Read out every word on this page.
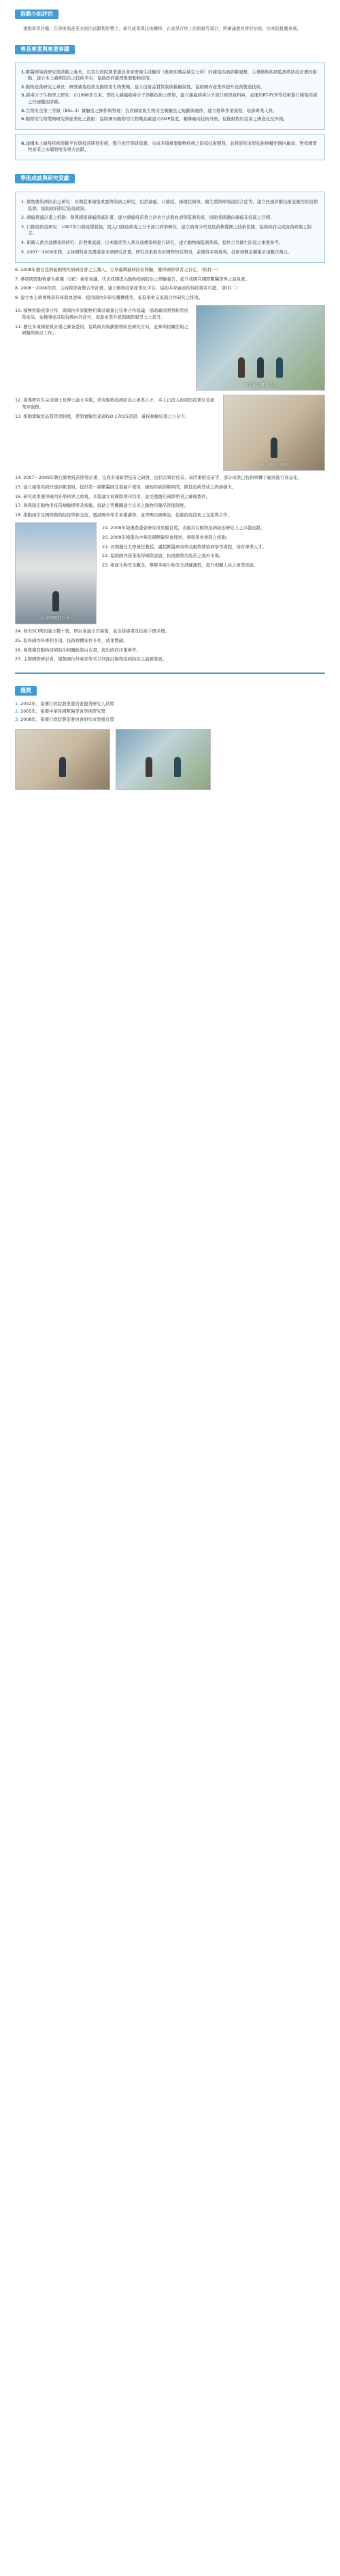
推動小組評估

重點學者評鑑：在學術與產業方面的貢獻與影響力、研究成果與技術轉移、在產學合作上的推動等項目，經審議委員會評估後，由本院推薦參選。

專長專業與專業事蹟
1.獸醫傳染病研究與診斷之專長，負責行政院農業委員會家畜衛生試驗所（動物用藥品檢定分所）的豬隻疾病診斷服務，主導動物疾病監測與防疫計畫的推動，建立本土豬病防治之技術平台，協助政府處理重要動物疫情。
2.動物疫苗研究之專長：研發豬隻疫苗及動物用生物製劑，建立疫苗品質管制與檢驗制度，協助國內產業界提升疫苗製造技術。
3.病毒分子生物學之研究：自1998年以來，即投入豬瘟病毒分子診斷技術之研發，建立豬瘟病毒分子流行病學資料庫，並運用RT-PCR等技術進行豬隻疾病之快速鑑別診斷。
4.生物安全第三等級（BSL-3）實驗室之操作與管理：負責國家級生物安全實驗室之規劃與運作，建立標準作業流程，培訓專業人員。
5.動物用生物製劑研究與產業化之推動：協助國內動物用生物藥品廠建立GMP制度，輔導廠商技術升級，促進動物用疫苗之國產化及外銷。
6.建構本土豬隻疾病診斷平台與疫苗研發系統，整合產官學研資源，完成多項重要動物疾病之防疫技術開發，並將研究成果技術移轉至國內廠商，對我國畜牧產業之永續發展有重大貢獻。
學術成就與研究貢獻
1. 動物傳染病防治之研究：長期從事豬隻重要傳染病之研究，包括豬瘟、口蹄疫、豬環狀病毒、豬生殖與呼吸道綜合症等，建立快速診斷技術並應用於疫情監測，協助政府制定防疫政策。
2. 豬瘟撲滅計畫之推動：參與國家豬瘟撲滅計畫，建立豬瘟疫苗效力評估方法與血清學監測系統，協助我國邁向豬瘟非疫區之目標。
3. 口蹄疫防疫研究：1997年口蹄疫爆發後，投入口蹄疫病毒之分子流行病學研究，建立病毒分型及疫苗株選擇之技術依據，協助政府完成疫苗政策之制定。
4. 新興人畜共通傳染病研究：針對禽流感、日本腦炎等人畜共通傳染病進行研究，建立動物端監測系統，提供公共衛生防疫之重要參考。
5. 2007－2009年間，主持國科會及農委會多項研究計畫，研究成果發表於國際知名期刊，並獲得多項專利，技術移轉金額累計達數百萬元。
6. 2008年擔任亞洲區動物疾病研討會之主講人，分享臺灣豬病防治經驗，獲得國際學者之肯定。（附件一）
7. 參與國際動物衛生組織（OIE）專家會議，代表我國提出動物疫病防治之經驗報告，提升我國在國際獸醫學界之能見度。
8. 2006－2008年間，主持跨部會整合型計畫，建立動物疫苗產業化平台，協助多家廠商取得疫苗許可證。（附件二）
9. 建立本土病毒株資料庫與血清庫，提供國內外研究機構使用，促進學術交流與合作研究之推展。
10. 積極推動產學合作，與國內多家動物用藥品廠簽訂技術合作協議，協助廠商開發新型疫苗產品，並輔導產品取得國內外許可，促進產業升級與國際競爭力之提升。
11. 擔任多項國家級計畫之審查委員，協助政府規劃動物防疫研究方向，並參與相關法規之研擬與修訂工作。
參訪研究機構合影
12. 指導研究生完成碩士及博士論文多篇，培育動物疫病防治之專業人才，多人已投入政府防疫單位及產業界服務。
13. 推動實驗室品質管理制度，帶領實驗室通過ISO 17025認證，確保檢驗結果之公信力。
研究團隊工作照
14. 2007－2009年執行動物疫苗開發計畫，完成多項新型疫苗之研發，包括次單位疫苗、基因重組疫苗等，部分成果已技術移轉予廠商進行商品化。
15. 建立豬隻疾病快速診斷套組，提供第一線獸醫師及養豬戶使用，縮短疾病診斷時間，降低疫病造成之經濟損失。
16. 研究成果獲得國內外學術界之重視，多篇論文被國際期刊引用，並受邀擔任國際期刊之審稿委員。
17. 參與制定動物用疫苗檢驗標準及規範，協助主管機關建立完善之動物用藥品管理制度。
18. 推動兩岸及國際動物防疫學術交流，邀請國外學者來臺講學，並率團出國參訪，促進防疫技術之交流與合作。
出席國際研討會
19. 2008年榮獲農委會研究成果優良獎，表揚其在動物疫病防治研究上之卓越貢獻。
20. 2009年獲選為中華民國獸醫學會理事，參與學會事務之推動。
21. 長期擔任大學兼任教授，講授獸醫病毒學及動物傳染病學等課程，培育專業人才。
22. 協助國內產業取得國際認證，拓展動物用疫苗之海外市場。
23. 推廣生物安全觀念，舉辦多場生物安全訓練課程，提升相關人員之專業知能。
24. 發表SCI期刊論文數十篇，研討會論文百餘篇，並出版專書及技術手冊多冊。
25. 取得國內外專利多項，技術移轉案件多件，成果豐碩。
26. 參與撰寫動物疫病防治相關政策白皮書，提供政府決策參考。
27. 主辦國際研討會，邀集國內外專家學者共同探討動物疫病防治之最新發展。
獲獎
1. 2002年，榮獲行政院農業委員會優秀研究人員獎
2. 2005年，榮獲中華民國獸醫學會學術研究獎
3. 2008年，榮獲行政院農業委員會研究成果優良獎
